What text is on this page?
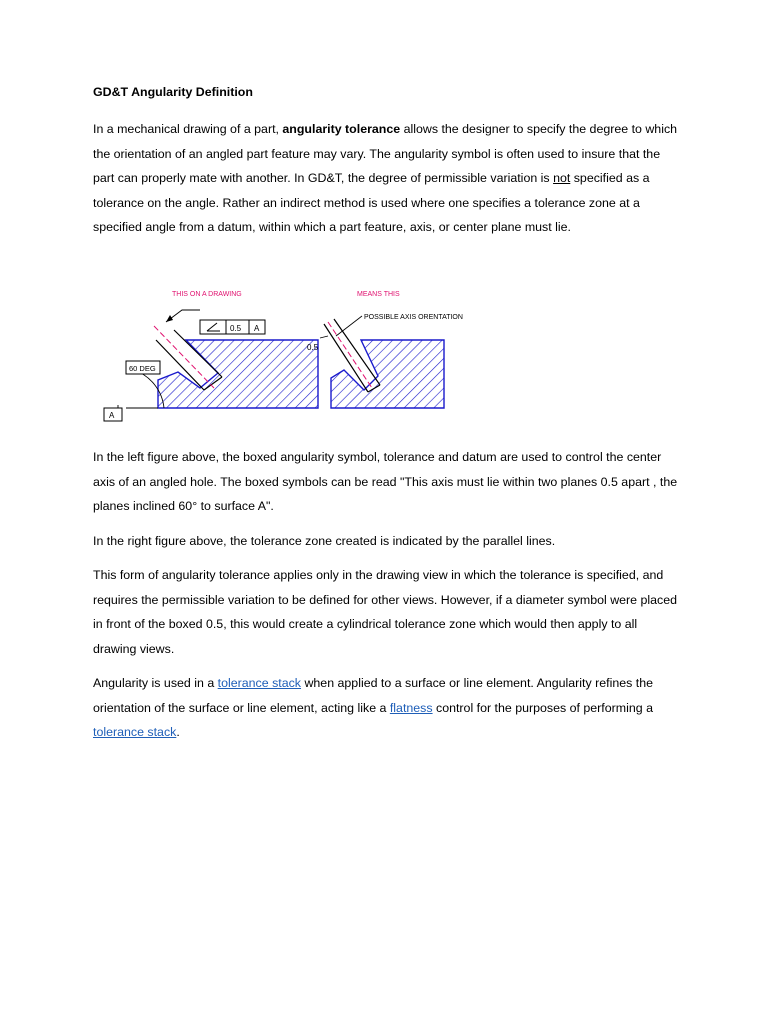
GD&T Angularity Definition

In a mechanical drawing of a part, angularity tolerance allows the designer to specify the degree to which the orientation of an angled part feature may vary. The angularity symbol is often used to insure that the part can properly mate with another. In GD&T, the degree of permissible variation is not specified as a tolerance on the angle. Rather an indirect method is used where one specifies a tolerance zone at a specified angle from a datum, within which a part feature, axis, or center plane must lie.

THIS ON A DRAWING
0.5 A
60 DEG
A
MEANS THIS
POSSIBLE AXIS ORENTATION
0.5

In the left figure above, the boxed angularity symbol, tolerance and datum are used to control the center axis of an angled hole. The boxed symbols can be read "This axis must lie within two planes 0.5 apart , the planes inclined 60° to surface A".

In the right figure above, the tolerance zone created is indicated by the parallel lines.

This form of angularity tolerance applies only in the drawing view in which the tolerance is specified, and requires the permissible variation to be defined for other views. However, if a diameter symbol were placed in front of the boxed 0.5, this would create a cylindrical tolerance zone which would then apply to all drawing views.

Angularity is used in a tolerance stack when applied to a surface or line element. Angularity refines the orientation of the surface or line element, acting like a flatness control for the purposes of performing a tolerance stack.
